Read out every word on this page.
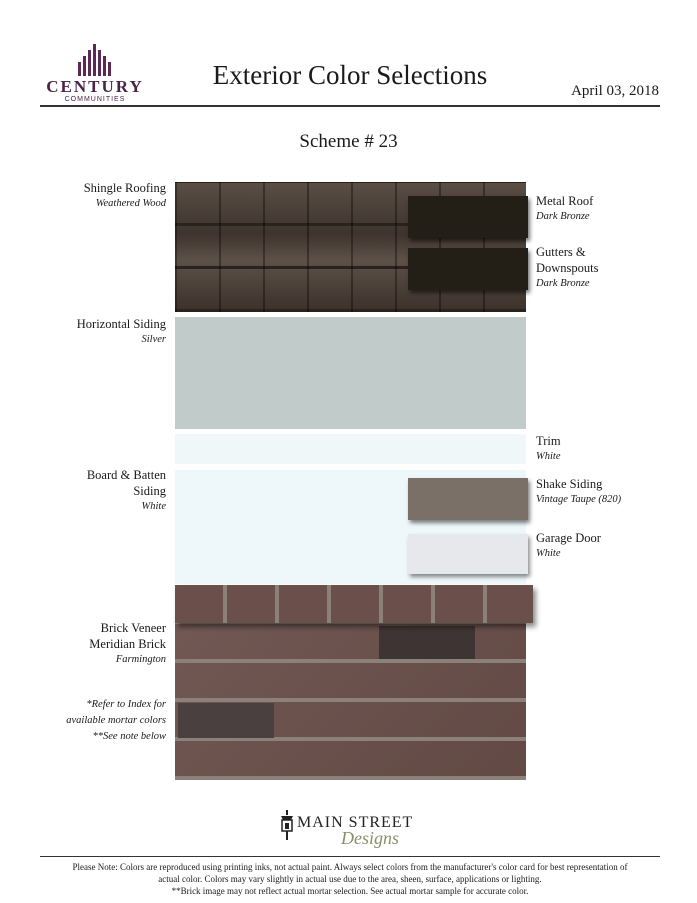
CENTURY
COMMUNITIES
Exterior Color Selections
April 03, 2018
Scheme # 23
Shingle Roofing
Weathered Wood
Horizontal Siding
Silver
Board & Batten
Siding
White
Brick Veneer
Meridian Brick
Farmington
*Refer to Index for
available mortar colors
**See note below
Metal Roof
Dark Bronze
Gutters &
Downspouts
Dark Bronze
Trim
White
Shake Siding
Vintage Taupe (820)
Garage Door
White
MAIN STREET
Designs
Please Note: Colors are reproduced using printing inks, not actual paint. Always select colors from the manufacturer's color card for best representation of
actual color. Colors may vary slightly in actual use due to the area, sheen, surface, applications or lighting.
**Brick image may not reflect actual mortar selection. See actual mortar sample for accurate color.
